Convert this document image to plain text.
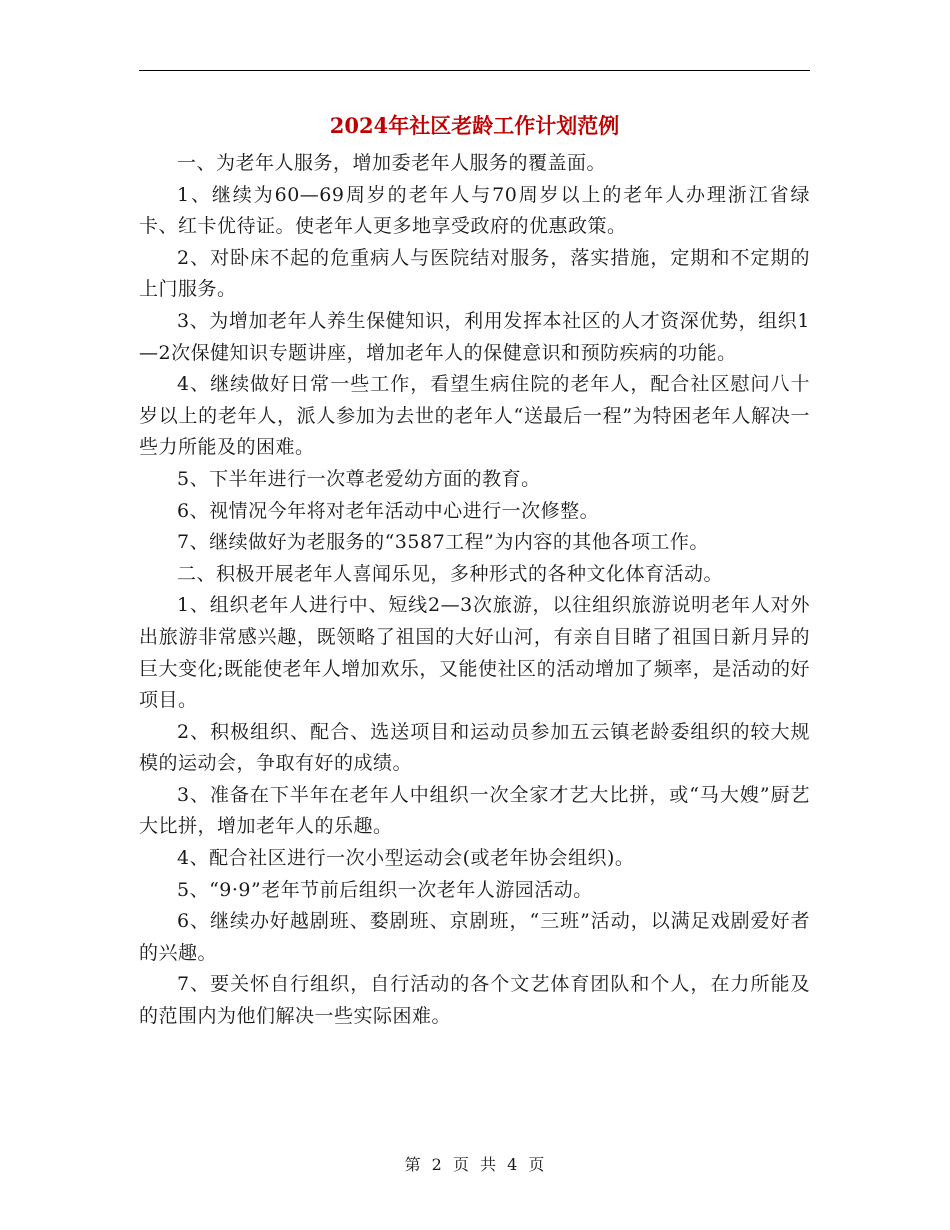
2024年社区老龄工作计划范例

一、为老年人服务，增加委老年人服务的覆盖面。

1、继续为60—69周岁的老年人与70周岁以上的老年人办理浙江省绿卡、红卡优待证。使老年人更多地享受政府的优惠政策。

2、对卧床不起的危重病人与医院结对服务，落实措施，定期和不定期的上门服务。

3、为增加老年人养生保健知识，利用发挥本社区的人才资深优势，组织1—2次保健知识专题讲座，增加老年人的保健意识和预防疾病的功能。

4、继续做好日常一些工作，看望生病住院的老年人，配合社区慰问八十岁以上的老年人，派人参加为去世的老年人“送最后一程”为特困老年人解决一些力所能及的困难。

5、下半年进行一次尊老爱幼方面的教育。

6、视情况今年将对老年活动中心进行一次修整。

7、继续做好为老服务的“3587工程”为内容的其他各项工作。

二、积极开展老年人喜闻乐见，多种形式的各种文化体育活动。

1、组织老年人进行中、短线2—3次旅游，以往组织旅游说明老年人对外出旅游非常感兴趣，既领略了祖国的大好山河，有亲自目睹了祖国日新月异的巨大变化;既能使老年人增加欢乐，又能使社区的活动增加了频率，是活动的好项目。

2、积极组织、配合、选送项目和运动员参加五云镇老龄委组织的较大规模的运动会，争取有好的成绩。

3、准备在下半年在老年人中组织一次全家才艺大比拼，或“马大嫂”厨艺大比拼，增加老年人的乐趣。

4、配合社区进行一次小型运动会(或老年协会组织)。

5、“9·9”老年节前后组织一次老年人游园活动。

6、继续办好越剧班、婺剧班、京剧班，“三班”活动，以满足戏剧爱好者的兴趣。

7、要关怀自行组织，自行活动的各个文艺体育团队和个人，在力所能及的范围内为他们解决一些实际困难。

第 2 页 共 4 页
